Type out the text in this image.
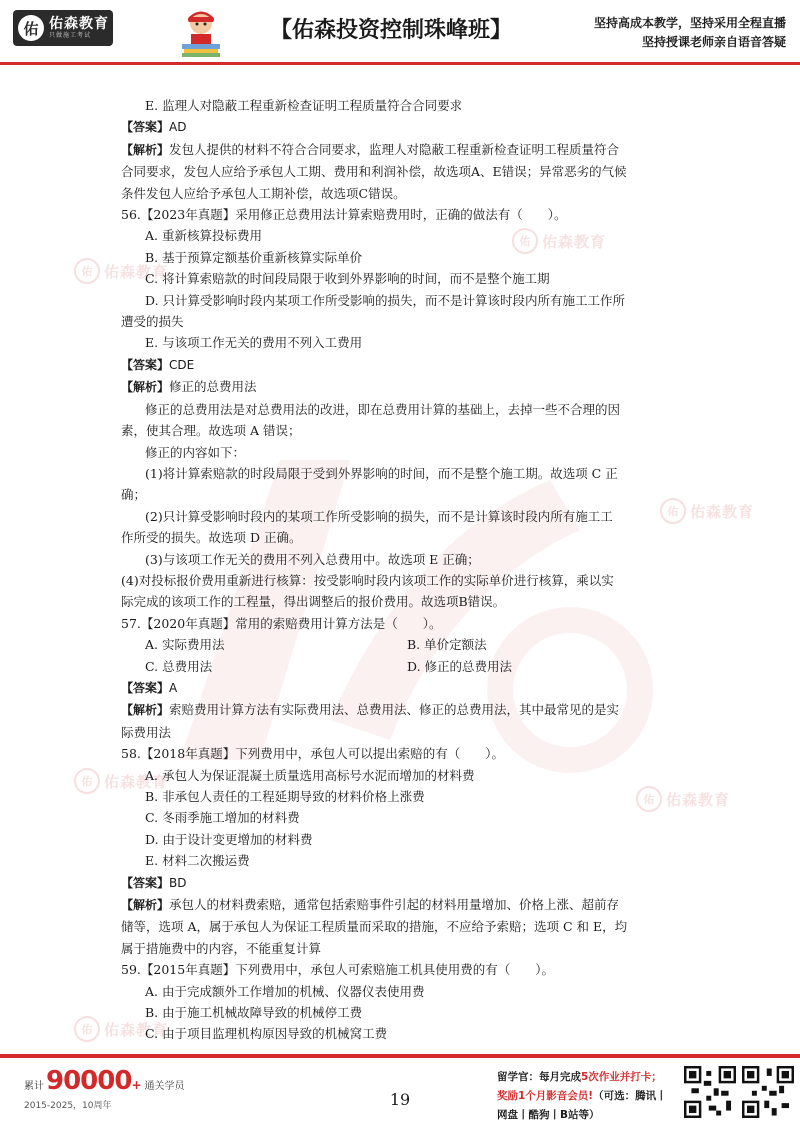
佑 佑森教育
只做施工考试	【佑森投资控制珠峰班】	坚持高成本教学，坚持采用全程直播
坚持授课老师亲自语音答疑
佑 佑森教育
佑 佑森教育
佑 佑森教育
佑 佑森教育
佑 佑森教育
佑 佑森教育
E. 监理人对隐蔽工程重新检查证明工程质量符合合同要求
【答案】AD
【解析】发包人提供的材料不符合合同要求，监理人对隐蔽工程重新检查证明工程质量符合
合同要求，发包人应给予承包人工期、费用和利润补偿，故选项A、E错误；异常恶劣的气候
条件发包人应给予承包人工期补偿，故选项C错误。
56.【2023年真题】采用修正总费用法计算索赔费用时，正确的做法有（　　）。
A. 重新核算投标费用
B. 基于预算定额基价重新核算实际单价
C. 将计算索赔款的时间段局限于收到外界影响的时间，而不是整个施工期
D. 只计算受影响时段内某项工作所受影响的损失，而不是计算该时段内所有施工工作所
遭受的损失
E. 与该项工作无关的费用不列入工费用
【答案】CDE
【解析】修正的总费用法
修正的总费用法是对总费用法的改进，即在总费用计算的基础上，去掉一些不合理的因
素，使其合理。故选项 A 错误；
修正的内容如下：
(1)将计算索赔款的时段局限于受到外界影响的时间，而不是整个施工期。故选项 C 正
确；
(2)只计算受影响时段内的某项工作所受影响的损失，而不是计算该时段内所有施工工
作所受的损失。故选项 D 正确。
(3)与该项工作无关的费用不列入总费用中。故选项 E 正确；
(4)对投标报价费用重新进行核算：按受影响时段内该项工作的实际单价进行核算，乘以实
际完成的该项工作的工程量，得出调整后的报价费用。故选项B错误。
57.【2020年真题】常用的索赔费用计算方法是（　　）。
A. 实际费用法	B. 单价定额法
C. 总费用法	D. 修正的总费用法
【答案】A
【解析】索赔费用计算方法有实际费用法、总费用法、修正的总费用法，其中最常见的是实
际费用法
58.【2018年真题】下列费用中，承包人可以提出索赔的有（　　）。
A. 承包人为保证混凝土质量选用高标号水泥而增加的材料费
B. 非承包人责任的工程延期导致的材料价格上涨费
C. 冬雨季施工增加的材料费
D. 由于设计变更增加的材料费
E. 材料二次搬运费
【答案】BD
【解析】承包人的材料费索赔，通常包括索赔事件引起的材料用量增加、价格上涨、超前存
储等，选项 A，属于承包人为保证工程质量而采取的措施，不应给予索赔；选项 C 和 E，均
属于措施费中的内容，不能重复计算
59.【2015年真题】下列费用中，承包人可索赔施工机具使用费的有（　　）。
A. 由于完成额外工作增加的机械、仪器仪表使用费
B. 由于施工机械故障导致的机械停工费
C. 由于项目监理机构原因导致的机械窝工费
累计 90000 + 通关学员
2015-2025，10周年	19
留学官：每月完成5次作业并打卡；
奖励1个月影音会员!（可选：腾讯丨
网盘丨酷狗丨B站等）
